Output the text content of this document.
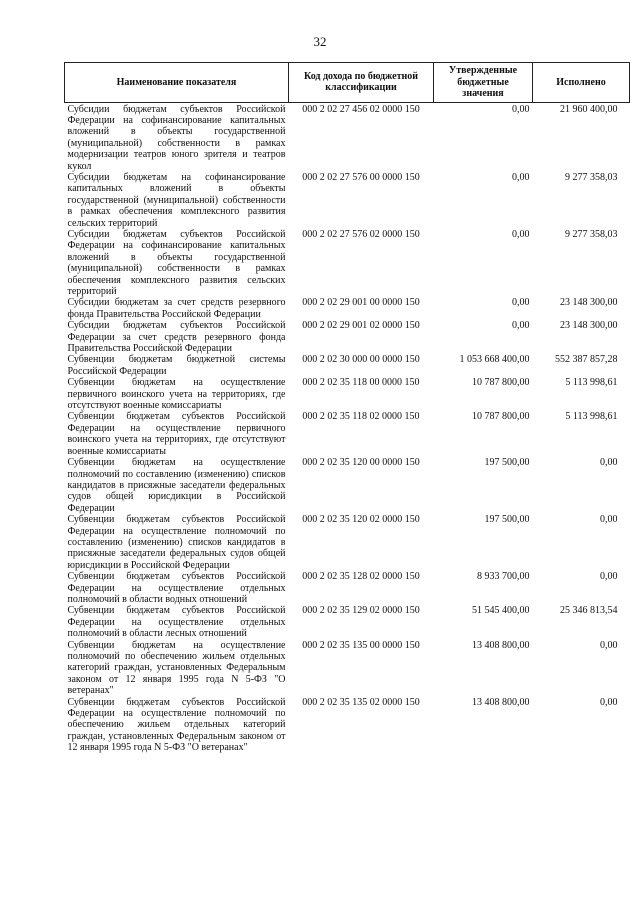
32
Наименование показателя	Код дохода по бюджетной классификации	Утвержденные бюджетные значения	Исполнено
Субсидии бюджетам субъектов Российской Федерации на софинансирование капитальных вложений в объекты государственной (муниципальной) собственности в рамках модернизации театров юного зрителя и театров кукол	000 2 02 27 456 02 0000 150	0,00	21 960 400,00
Субсидии бюджетам на софинансирование капитальных вложений в объекты государственной (муниципальной) собственности в рамках обеспечения комплексного развития сельских территорий	000 2 02 27 576 00 0000 150	0,00	9 277 358,03
Субсидии бюджетам субъектов Российской Федерации на софинансирование капитальных вложений в объекты государственной (муниципальной) собственности в рамках обеспечения комплексного развития сельских территорий	000 2 02 27 576 02 0000 150	0,00	9 277 358,03
Субсидии бюджетам за счет средств резервного фонда Правительства Российской Федерации	000 2 02 29 001 00 0000 150	0,00	23 148 300,00
Субсидии бюджетам субъектов Российской Федерации за счет средств резервного фонда Правительства Российской Федерации	000 2 02 29 001 02 0000 150	0,00	23 148 300,00
Субвенции бюджетам бюджетной системы Российской Федерации	000 2 02 30 000 00 0000 150	1 053 668 400,00	552 387 857,28
Субвенции бюджетам на осуществление первичного воинского учета на территориях, где отсутствуют военные комиссариаты	000 2 02 35 118 00 0000 150	10 787 800,00	5 113 998,61
Субвенции бюджетам субъектов Российской Федерации на осуществление первичного воинского учета на территориях, где отсутствуют военные комиссариаты	000 2 02 35 118 02 0000 150	10 787 800,00	5 113 998,61
Субвенции бюджетам на осуществление полномочий по составлению (изменению) списков кандидатов в присяжные заседатели федеральных судов общей юрисдикции в Российской Федерации	000 2 02 35 120 00 0000 150	197 500,00	0,00
Субвенции бюджетам субъектов Российской Федерации на осуществление полномочий по составлению (изменению) списков кандидатов в присяжные заседатели федеральных судов общей юрисдикции в Российской Федерации	000 2 02 35 120 02 0000 150	197 500,00	0,00
Субвенции бюджетам субъектов Российской Федерации на осуществление отдельных полномочий в области водных отношений	000 2 02 35 128 02 0000 150	8 933 700,00	0,00
Субвенции бюджетам субъектов Российской Федерации на осуществление отдельных полномочий в области лесных отношений	000 2 02 35 129 02 0000 150	51 545 400,00	25 346 813,54
Субвенции бюджетам на осуществление полномочий по обеспечению жильем отдельных категорий граждан, установленных Федеральным законом от 12 января 1995 года N 5-ФЗ "О ветеранах"	000 2 02 35 135 00 0000 150	13 408 800,00	0,00
Субвенции бюджетам субъектов Российской Федерации на осуществление полномочий по обеспечению жильем отдельных категорий граждан, установленных Федеральным законом от 12 января 1995 года N 5-ФЗ "О ветеранах"	000 2 02 35 135 02 0000 150	13 408 800,00	0,00
